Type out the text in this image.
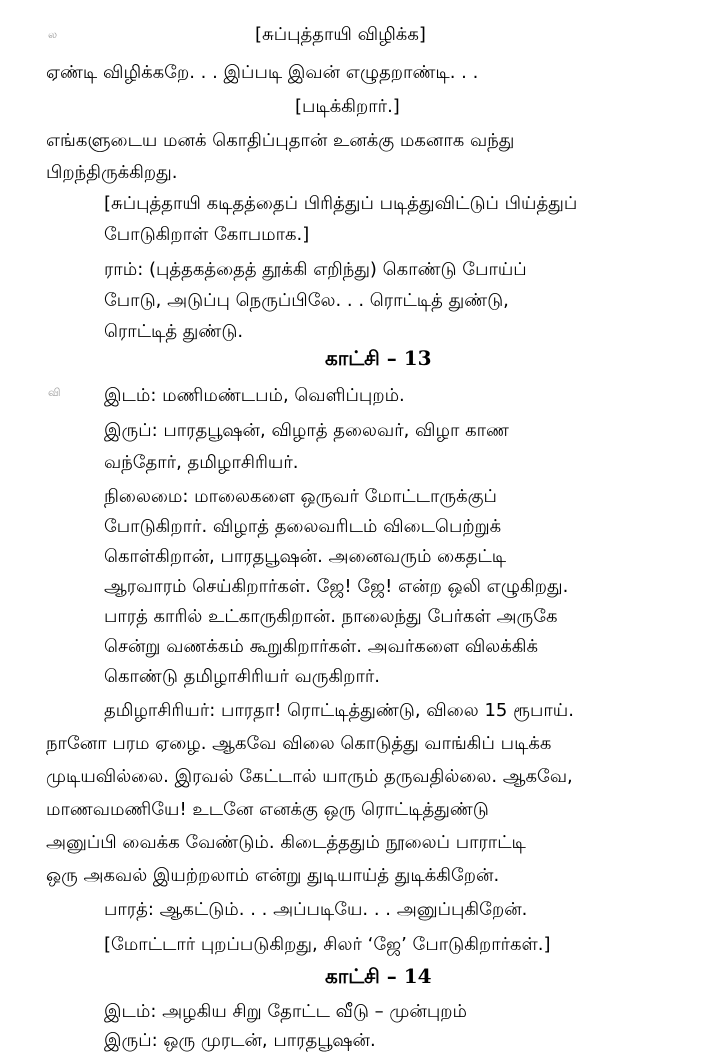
ல
வி
[சுப்புத்தாயி விழிக்க]
ஏண்டி விழிக்கறே. . . இப்படி இவன் எழுதறாண்டி. . .
[படிக்கிறார்.]
எங்களுடைய மனக் கொதிப்புதான் உனக்கு மகனாக வந்து
பிறந்திருக்கிறது.
[சுப்புத்தாயி கடிதத்தைப் பிரித்துப் படித்துவிட்டுப் பிய்த்துப்
போடுகிறாள் கோபமாக.]
ராம்: (புத்தகத்தைத் தூக்கி எறிந்து) கொண்டு போய்ப்
போடு, அடுப்பு நெருப்பிலே. . . ரொட்டித் துண்டு,
ரொட்டித் துண்டு.
காட்சி – 13
இடம்: மணிமண்டபம், வெளிப்புறம்.
இருப்: பாரதபூஷன், விழாத் தலைவர், விழா காண
வந்தோர், தமிழாசிரியர்.
நிலைமை: மாலைகளை ஒருவர் மோட்டாருக்குப்
போடுகிறார். விழாத் தலைவரிடம் விடைபெற்றுக்
கொள்கிறான், பாரதபூஷன். அனைவரும் கைதட்டி
ஆரவாரம் செய்கிறார்கள். ஜே! ஜே! என்ற ஒலி எழுகிறது.
பாரத் காரில் உட்காருகிறான். நாலைந்து பேர்கள் அருகே
சென்று வணக்கம் கூறுகிறார்கள். அவர்களை விலக்கிக்
கொண்டு தமிழாசிரியர் வருகிறார்.
தமிழாசிரியர்: பாரதா! ரொட்டித்துண்டு, விலை 15 ரூபாய்.
நானோ பரம ஏழை. ஆகவே விலை கொடுத்து வாங்கிப் படிக்க
முடியவில்லை. இரவல் கேட்டால் யாரும் தருவதில்லை. ஆகவே,
மாணவமணியே! உடனே எனக்கு ஒரு ரொட்டித்துண்டு
அனுப்பி வைக்க வேண்டும். கிடைத்ததும் நூலைப் பாராட்டி
ஒரு அகவல் இயற்றலாம் என்று துடியாய்த் துடிக்கிறேன்.
பாரத்: ஆகட்டும். . . அப்படியே. . . அனுப்புகிறேன்.
[மோட்டார் புறப்படுகிறது, சிலர் ‘ஜே’ போடுகிறார்கள்.]
காட்சி – 14
இடம்: அழகிய சிறு தோட்ட வீடு – முன்புறம்
இருப்: ஒரு முரடன், பாரதபூஷன்.
